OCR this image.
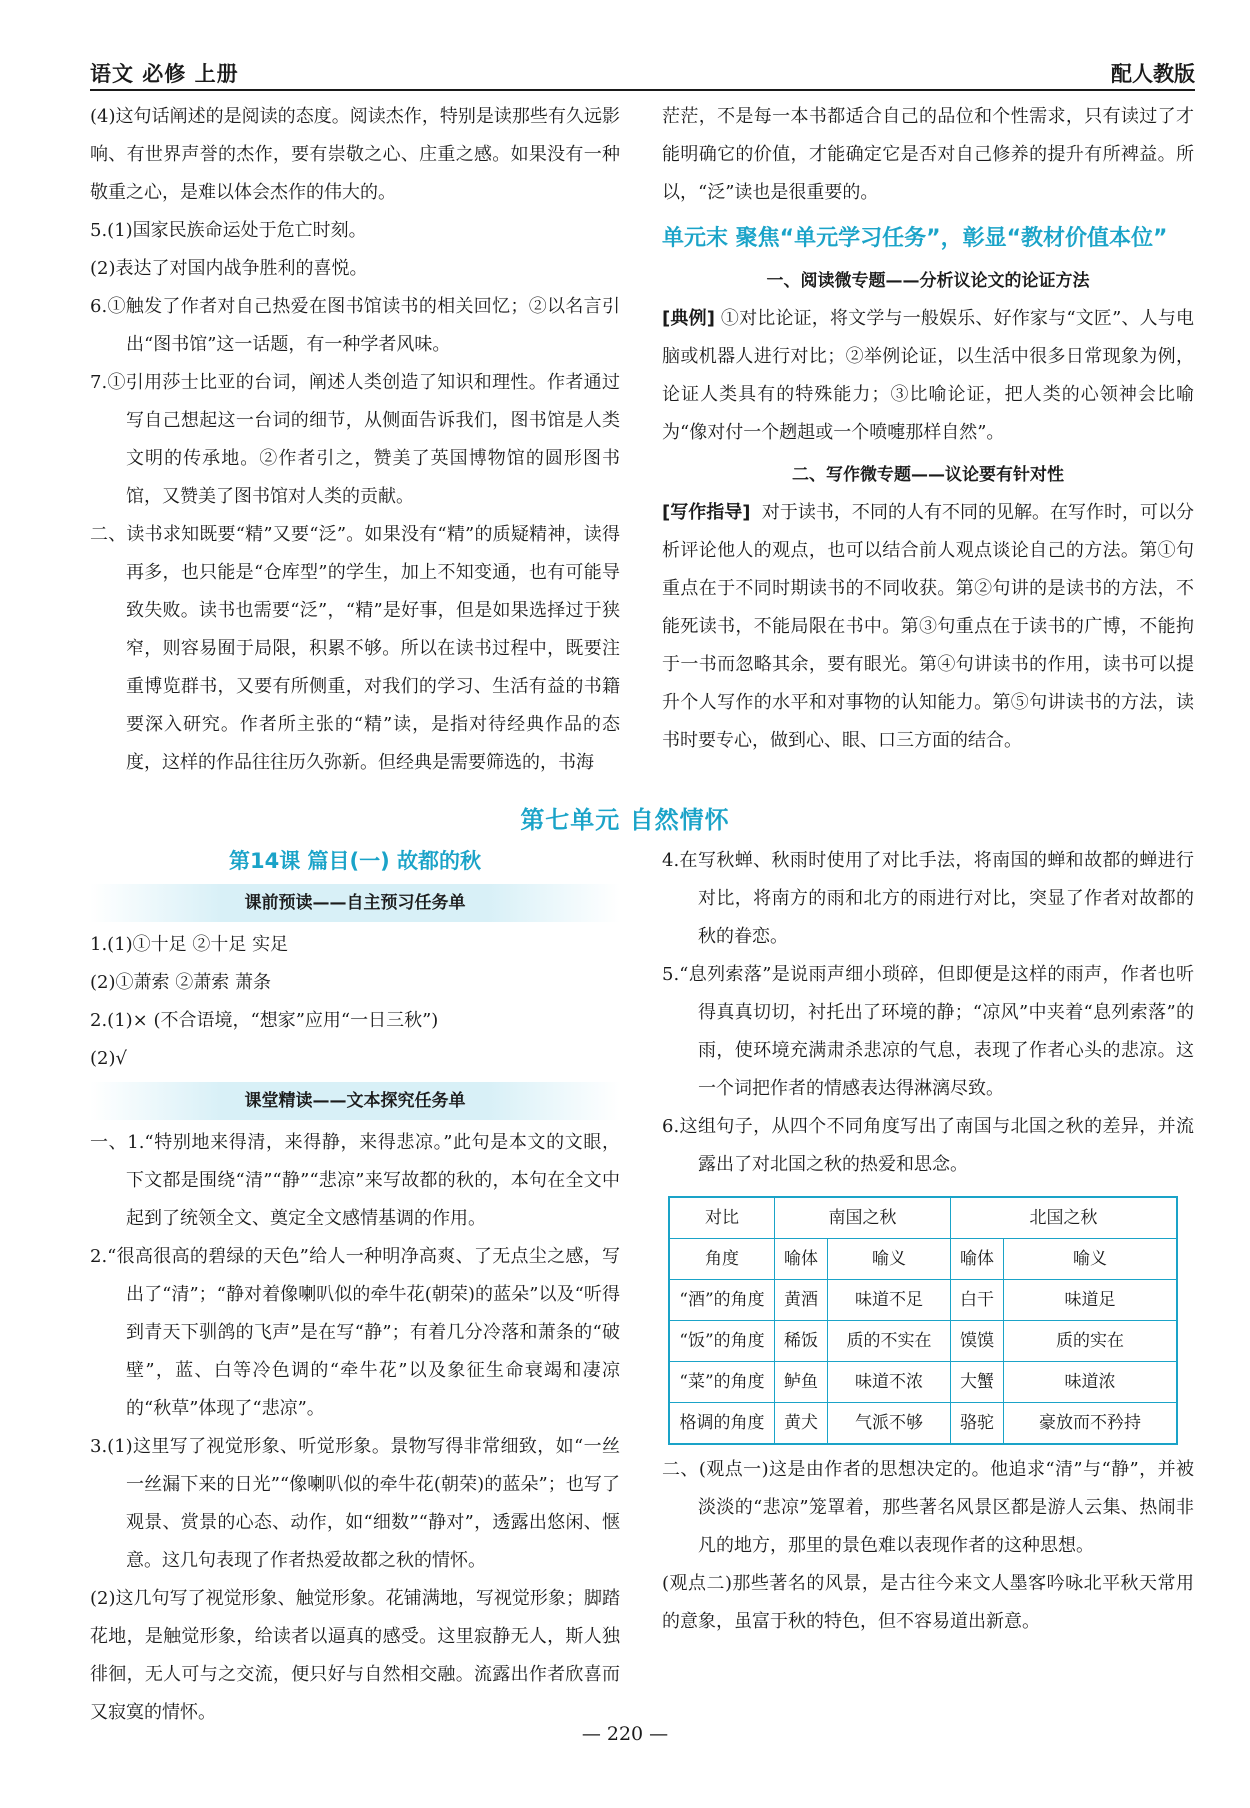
语文 必修 上册	配人教版

(4)这句话阐述的是阅读的态度。阅读杰作，特别是读那些有久远影响、有世界声誉的杰作，要有崇敬之心、庄重之感。如果没有一种敬重之心，是难以体会杰作的伟大的。

5.(1)国家民族命运处于危亡时刻。

(2)表达了对国内战争胜利的喜悦。

6.①触发了作者对自己热爱在图书馆读书的相关回忆；②以名言引出“图书馆”这一话题，有一种学者风味。

7.①引用莎士比亚的台词，阐述人类创造了知识和理性。作者通过写自己想起这一台词的细节，从侧面告诉我们，图书馆是人类文明的传承地。②作者引之，赞美了英国博物馆的圆形图书馆，又赞美了图书馆对人类的贡献。

二、读书求知既要“精”又要“泛”。如果没有“精”的质疑精神，读得再多，也只能是“仓库型”的学生，加上不知变通，也有可能导致失败。读书也需要“泛”，“精”是好事，但是如果选择过于狭窄，则容易囿于局限，积累不够。所以在读书过程中，既要注重博览群书，又要有所侧重，对我们的学习、生活有益的书籍要深入研究。作者所主张的“精”读，是指对待经典作品的态度，这样的作品往往历久弥新。但经典是需要筛选的，书海

茫茫，不是每一本书都适合自己的品位和个性需求，只有读过了才能明确它的价值，才能确定它是否对自己修养的提升有所裨益。所以，“泛”读也是很重要的。

单元末 聚焦“单元学习任务”，彰显“教材价值本位”
一、阅读微专题——分析议论文的论证方法

[典例] ①对比论证，将文学与一般娱乐、好作家与“文匠”、人与电脑或机器人进行对比；②举例论证，以生活中很多日常现象为例，论证人类具有的特殊能力；③比喻论证，把人类的心领神会比喻为“像对付一个趔趄或一个喷嚏那样自然”。

二、写作微专题——议论要有针对性

[写作指导] 对于读书，不同的人有不同的见解。在写作时，可以分析评论他人的观点，也可以结合前人观点谈论自己的方法。第①句重点在于不同时期读书的不同收获。第②句讲的是读书的方法，不能死读书，不能局限在书中。第③句重点在于读书的广博，不能拘于一书而忽略其余，要有眼光。第④句讲读书的作用，读书可以提升个人写作的水平和对事物的认知能力。第⑤句讲读书的方法，读书时要专心，做到心、眼、口三方面的结合。

第七单元 自然情怀
第14课 篇目(一) 故都的秋
课前预读——自主预习任务单

1.(1)①十足 ②十足 实足

(2)①萧索 ②萧索 萧条

2.(1)× (不合语境，“想家”应用“一日三秋”)

(2)√

课堂精读——文本探究任务单

一、1.“特别地来得清，来得静，来得悲凉。”此句是本文的文眼，下文都是围绕“清”“静”“悲凉”来写故都的秋的，本句在全文中起到了统领全文、奠定全文感情基调的作用。

2.“很高很高的碧绿的天色”给人一种明净高爽、了无点尘之感，写出了“清”；“静对着像喇叭似的牵牛花(朝荣)的蓝朵”以及“听得到青天下驯鸽的飞声”是在写“静”；有着几分冷落和萧条的“破壁”，蓝、白等冷色调的“牵牛花”以及象征生命衰竭和凄凉的“秋草”体现了“悲凉”。

3.(1)这里写了视觉形象、听觉形象。景物写得非常细致，如“一丝一丝漏下来的日光”“像喇叭似的牵牛花(朝荣)的蓝朵”；也写了观景、赏景的心态、动作，如“细数”“静对”，透露出悠闲、惬意。这几句表现了作者热爱故都之秋的情怀。

(2)这几句写了视觉形象、触觉形象。花铺满地，写视觉形象；脚踏花地，是触觉形象，给读者以逼真的感受。这里寂静无人，斯人独徘徊，无人可与之交流，便只好与自然相交融。流露出作者欣喜而又寂寞的情怀。

4.在写秋蝉、秋雨时使用了对比手法，将南国的蝉和故都的蝉进行对比，将南方的雨和北方的雨进行对比，突显了作者对故都的秋的眷恋。

5.“息列索落”是说雨声细小琐碎，但即便是这样的雨声，作者也听得真真切切，衬托出了环境的静；“凉风”中夹着“息列索落”的雨，使环境充满肃杀悲凉的气息，表现了作者心头的悲凉。这一个词把作者的情感表达得淋漓尽致。

6.这组句子，从四个不同角度写出了南国与北国之秋的差异，并流露出了对北国之秋的热爱和思念。

对比	南国之秋		北国之秋	
角度	喻体	喻义	喻体	喻义
“酒”的角度	黄酒	味道不足	白干	味道足
“饭”的角度	稀饭	质的不实在	馍馍	质的实在
“菜”的角度	鲈鱼	味道不浓	大蟹	味道浓
格调的角度	黄犬	气派不够	骆驼	豪放而不矜持

二、(观点一)这是由作者的思想决定的。他追求“清”与“静”，并被淡淡的“悲凉”笼罩着，那些著名风景区都是游人云集、热闹非凡的地方，那里的景色难以表现作者的这种思想。

(观点二)那些著名的风景，是古往今来文人墨客吟咏北平秋天常用的意象，虽富于秋的特色，但不容易道出新意。

— 220 —
